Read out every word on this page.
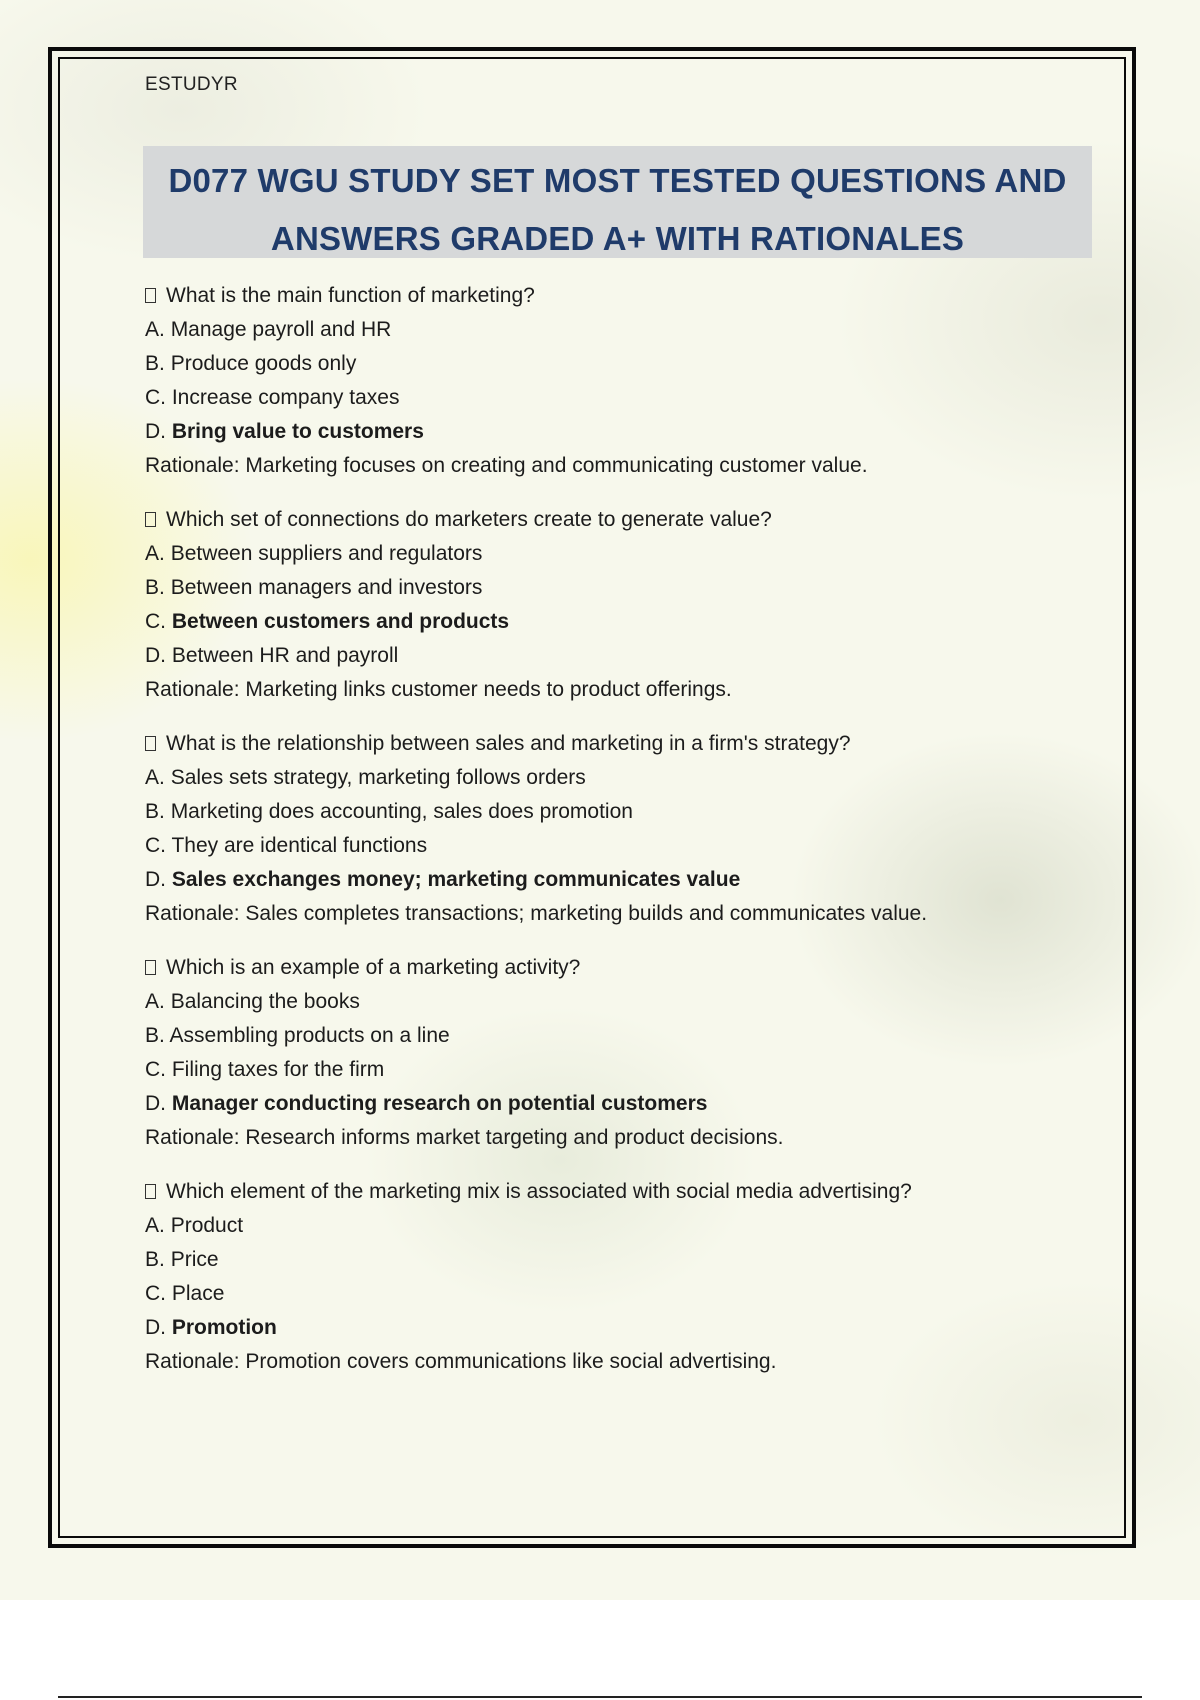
ESTUDYR
D077 WGU STUDY SET MOST TESTED QUESTIONS AND
ANSWERS GRADED A+ WITH RATIONALES
What is the main function of marketing?
A. Manage payroll and HR
B. Produce goods only
C. Increase company taxes
D. Bring value to customers
Rationale: Marketing focuses on creating and communicating customer value.
Which set of connections do marketers create to generate value?
A. Between suppliers and regulators
B. Between managers and investors
C. Between customers and products
D. Between HR and payroll
Rationale: Marketing links customer needs to product offerings.
What is the relationship between sales and marketing in a firm's strategy?
A. Sales sets strategy, marketing follows orders
B. Marketing does accounting, sales does promotion
C. They are identical functions
D. Sales exchanges money; marketing communicates value
Rationale: Sales completes transactions; marketing builds and communicates value.
Which is an example of a marketing activity?
A. Balancing the books
B. Assembling products on a line
C. Filing taxes for the firm
D. Manager conducting research on potential customers
Rationale: Research informs market targeting and product decisions.
Which element of the marketing mix is associated with social media advertising?
A. Product
B. Price
C. Place
D. Promotion
Rationale: Promotion covers communications like social advertising.
